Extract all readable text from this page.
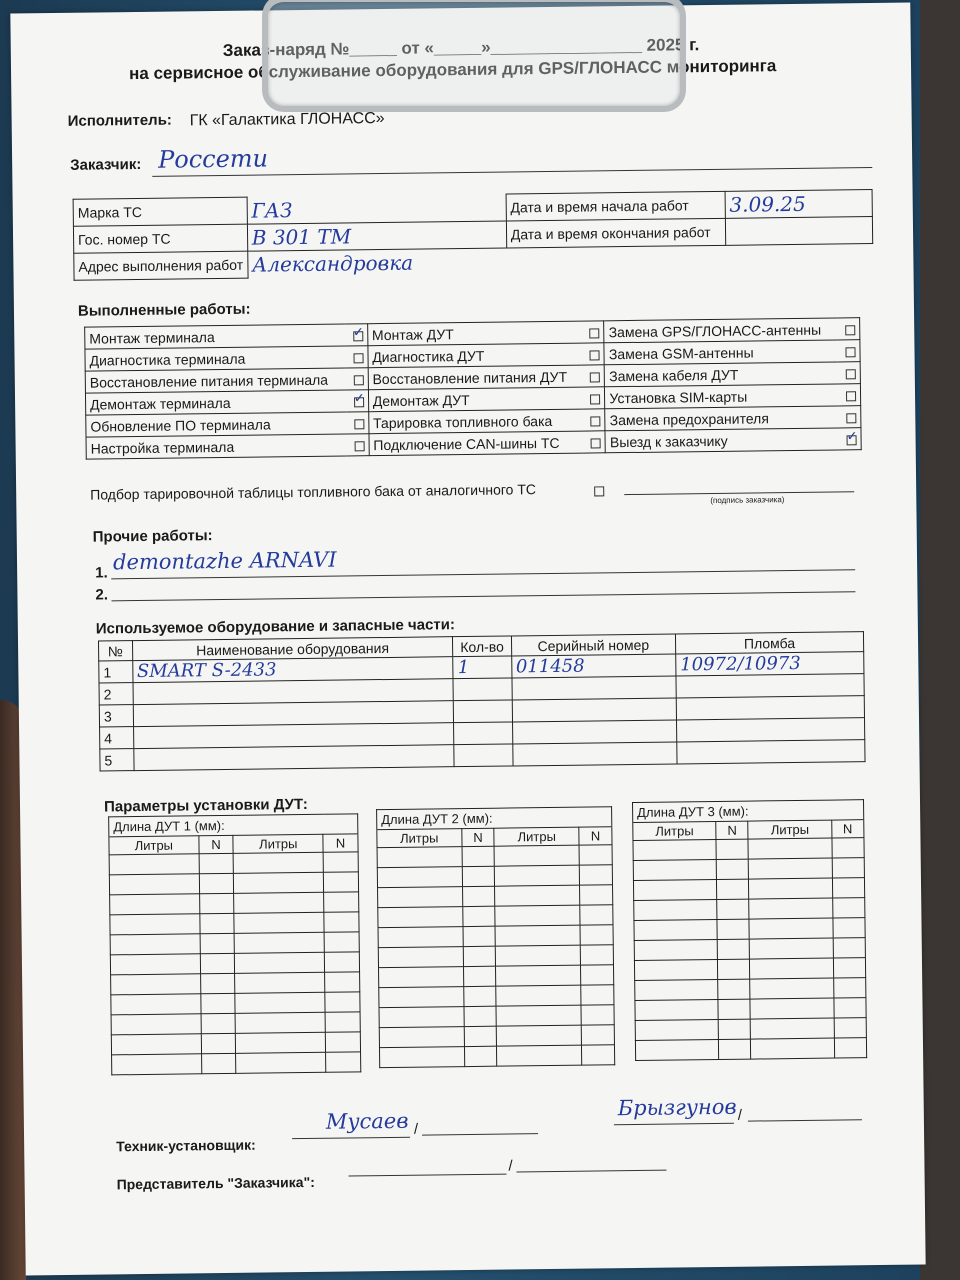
Заказ-наряд №_____ от «_____»________________ 2025 г.
на сервисное обслуживание оборудования для GPS/ГЛОНАСС мониторинга
Исполнитель: ГК «Галактика ГЛОНАСС»
Заказчик: Россети
Марка ТС	ГАЗ	Дата и время начала работ	3.09.25
Гос. номер ТС	В 301 ТМ	Дата и время окончания работ	
Адрес выполнения работ	Александровка		
Выполненные работы:
Монтаж терминала	✓	Монтаж ДУТ		Замена GPS/ГЛОНАСС-антенны	
Диагностика терминала		Диагностика ДУТ		Замена GSM-антенны	
Восстановление питания терминала		Восстановление питания ДУТ		Замена кабеля ДУТ	
Демонтаж терминала	✓	Демонтаж ДУТ		Установка SIM-карты	
Обновление ПО терминала		Тарировка топливного бака		Замена предохранителя	
Настройка терминала		Подключение CAN-шины ТС		Выезд к заказчику	✓
Подбор тарировочной таблицы топливного бака от аналогичного ТС	(подпись заказчика)
Прочие работы:
1. demontazhe ARNAVI
2.
Используемое оборудование и запасные части:
№	Наименование оборудования	Кол-во	Серийный номер	Пломба
1	SMART S-2433	1	011458	10972/10973
2				
3				
4				
5				
Параметры установки ДУТ:
Длина ДУТ 1 (мм):			
Литры	N	Литры	N

Длина ДУТ 2 (мм):			
Литры	N	Литры	N

Длина ДУТ 3 (мм):			
Литры	N	Литры	N

Техник-установщик:
Мусаев /
Брызгунов /
Представитель "Заказчика":
/
